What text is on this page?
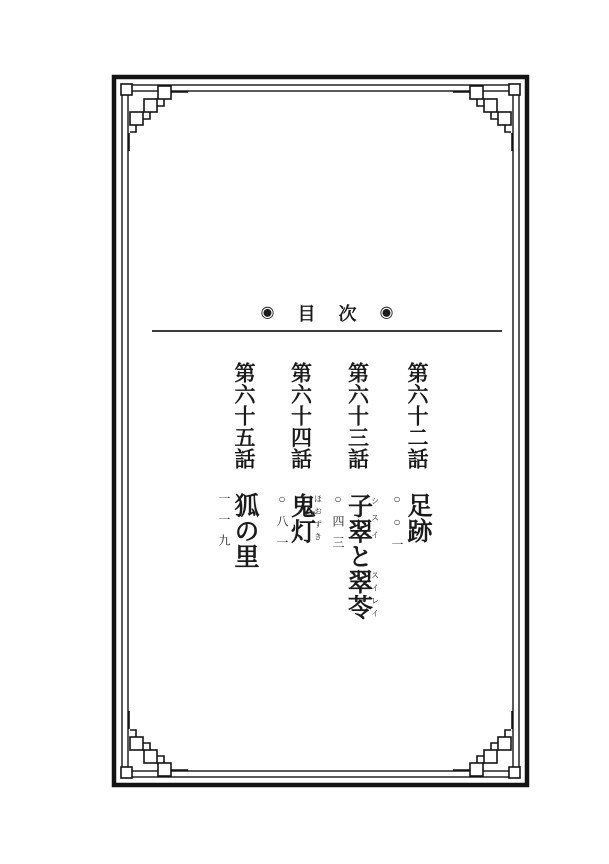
◉ 目 次 ◉
第六十二話足跡
○○一
第六十三話子翠 シスイと翠苓 スイレイ
○四三
第六十四話鬼灯 ほおずき
○八一
第六十五話狐の里
一一九
